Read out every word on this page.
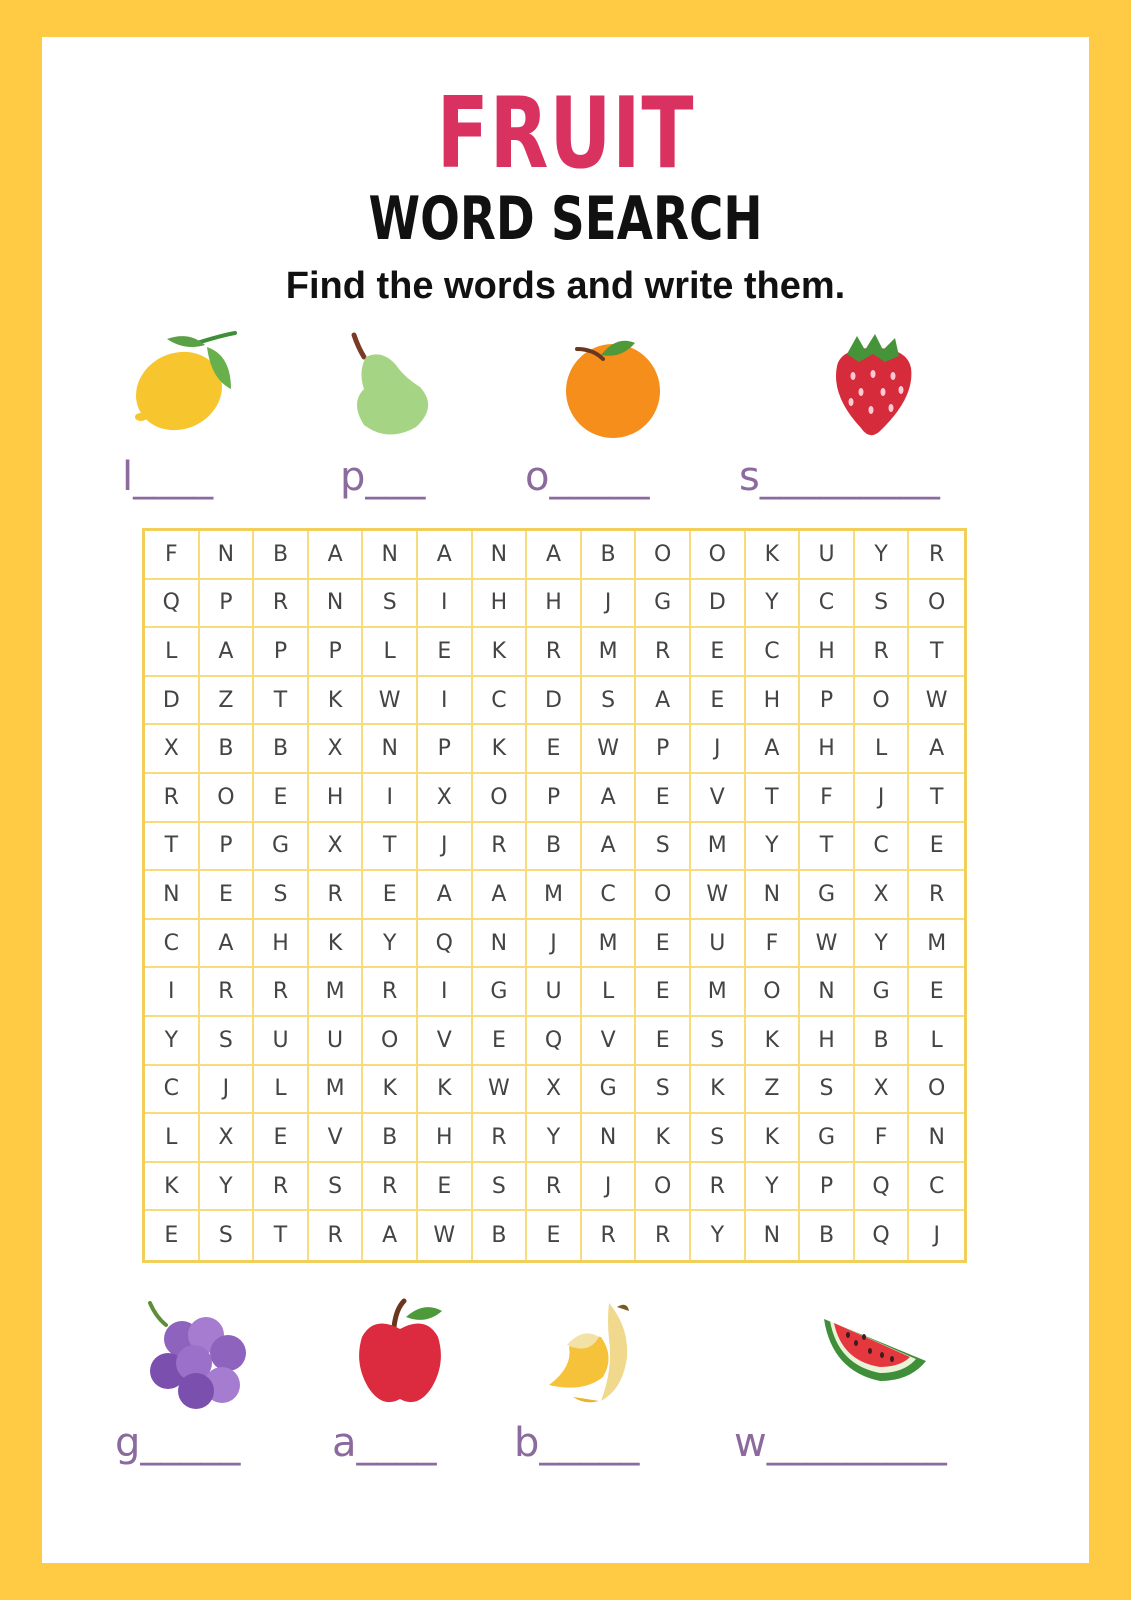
FRUIT
WORD SEARCH
Find the words and write them.
l____	p___ o_____ s_________
F	N	B	A	N	A	N	A	B	O	O	K	U	Y	R
Q	P	R	N	S	I	H	H	J	G	D	Y	C	S	O
L	A	P	P	L	E	K	R	M	R	E	C	H	R	T
D	Z	T	K	W	I	C	D	S	A	E	H	P	O	W
X	B	B	X	N	P	K	E	W	P	J	A	H	L	A
R	O	E	H	I	X	O	P	A	E	V	T	F	J	T
T	P	G	X	T	J	R	B	A	S	M	Y	T	C	E
N	E	S	R	E	A	A	M	C	O	W	N	G	X	R
C	A	H	K	Y	Q	N	J	M	E	U	F	W	Y	M
I	R	R	M	R	I	G	U	L	E	M	O	N	G	E
Y	S	U	U	O	V	E	Q	V	E	S	K	H	B	L
C	J	L	M	K	K	W	X	G	S	K	Z	S	X	O
L	X	E	V	B	H	R	Y	N	K	S	K	G	F	N
K	Y	R	S	R	E	S	R	J	O	R	Y	P	Q	C
E	S	T	R	A	W	B	E	R	R	Y	N	B	Q	J
g_____ a____ b_____ w_________
